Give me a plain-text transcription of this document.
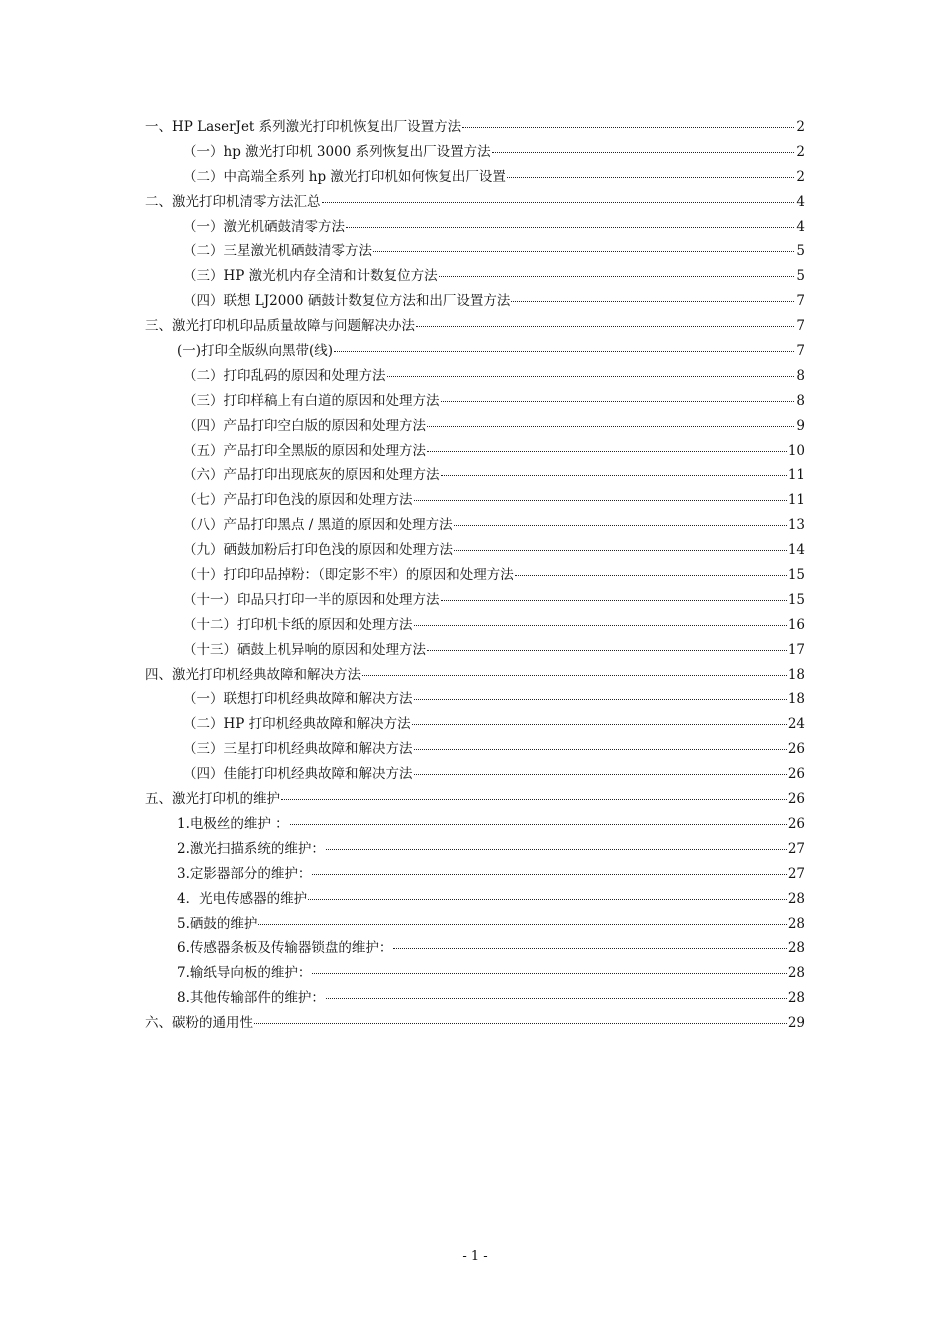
一、HP LaserJet 系列激光打印机恢复出厂设置方法	2
（一）hp 激光打印机 3000 系列恢复出厂设置方法	2
（二）中高端全系列 hp 激光打印机如何恢复出厂设置	2
二、激光打印机清零方法汇总	4
（一）激光机硒鼓清零方法	4
（二）三星激光机硒鼓清零方法	5
（三）HP 激光机内存全清和计数复位方法	5
（四）联想 LJ2000 硒鼓计数复位方法和出厂设置方法	7
三、激光打印机印品质量故障与问题解决办法	7
(一)打印全版纵向黑带(线)	7
（二）打印乱码的原因和处理方法	8
（三）打印样稿上有白道的原因和处理方法	8
（四）产品打印空白版的原因和处理方法	9
（五）产品打印全黑版的原因和处理方法	10
（六）产品打印出现底灰的原因和处理方法	11
（七）产品打印色浅的原因和处理方法	11
（八）产品打印黑点 / 黑道的原因和处理方法	13
（九）硒鼓加粉后打印色浅的原因和处理方法	14
（十）打印印品掉粉：（即定影不牢）的原因和处理方法	15
（十一）印品只打印一半的原因和处理方法	15
（十二）打印机卡纸的原因和处理方法	16
（十三）硒鼓上机异响的原因和处理方法	17
四、激光打印机经典故障和解决方法	18
（一）联想打印机经典故障和解决方法	18
（二）HP 打印机经典故障和解决方法	24
（三）三星打印机经典故障和解决方法	26
（四）佳能打印机经典故障和解决方法	26
五、激光打印机的维护	26
1.电极丝的维护 ：	26
2.激光扫描系统的维护：	27
3.定影器部分的维护：	27
4．光电传感器的维护	28
5.硒鼓的维护	28
6.传感器条板及传输器锁盘的维护：	28
7.输纸导向板的维护：	28
8.其他传输部件的维护：	28
六、碳粉的通用性	29
- 1 -
